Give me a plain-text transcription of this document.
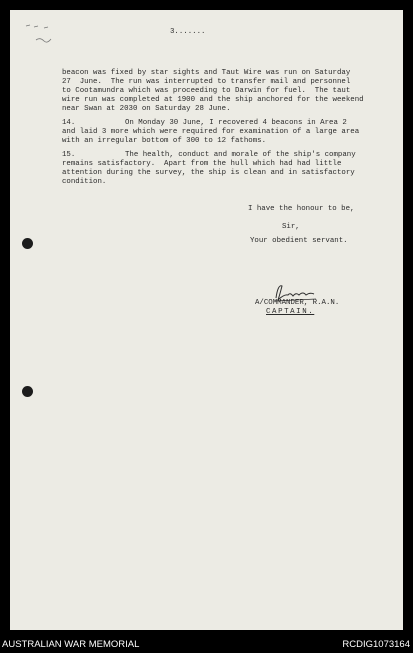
3.......
beacon was fixed by star sights and Taut Wire was run on Saturday
27  June.  The run was interrupted to transfer mail and personnel
to Cootamundra which was proceeding to Darwin for fuel.  The taut
wire run was completed at 1900 and the ship anchored for the weekend
near Swan at 2030 on Saturday 28 June.
14.	On Monday 30 June, I recovered 4 beacons in Area 2
and laid 3 more which were required for examination of a large area
with an irregular bottom of 300 to 12 fathoms.
15.	The health, conduct and morale of the ship's company
remains satisfactory.  Apart from the hull which had had little
attention during the survey, the ship is clean and in satisfactory
condition.
I have the honour to be,
Sir,
Your obedient servant.
A/COMMANDER, R.A.N.
CAPTAIN.
AUSTRALIAN WAR MEMORIAL	RCDIG1073164
